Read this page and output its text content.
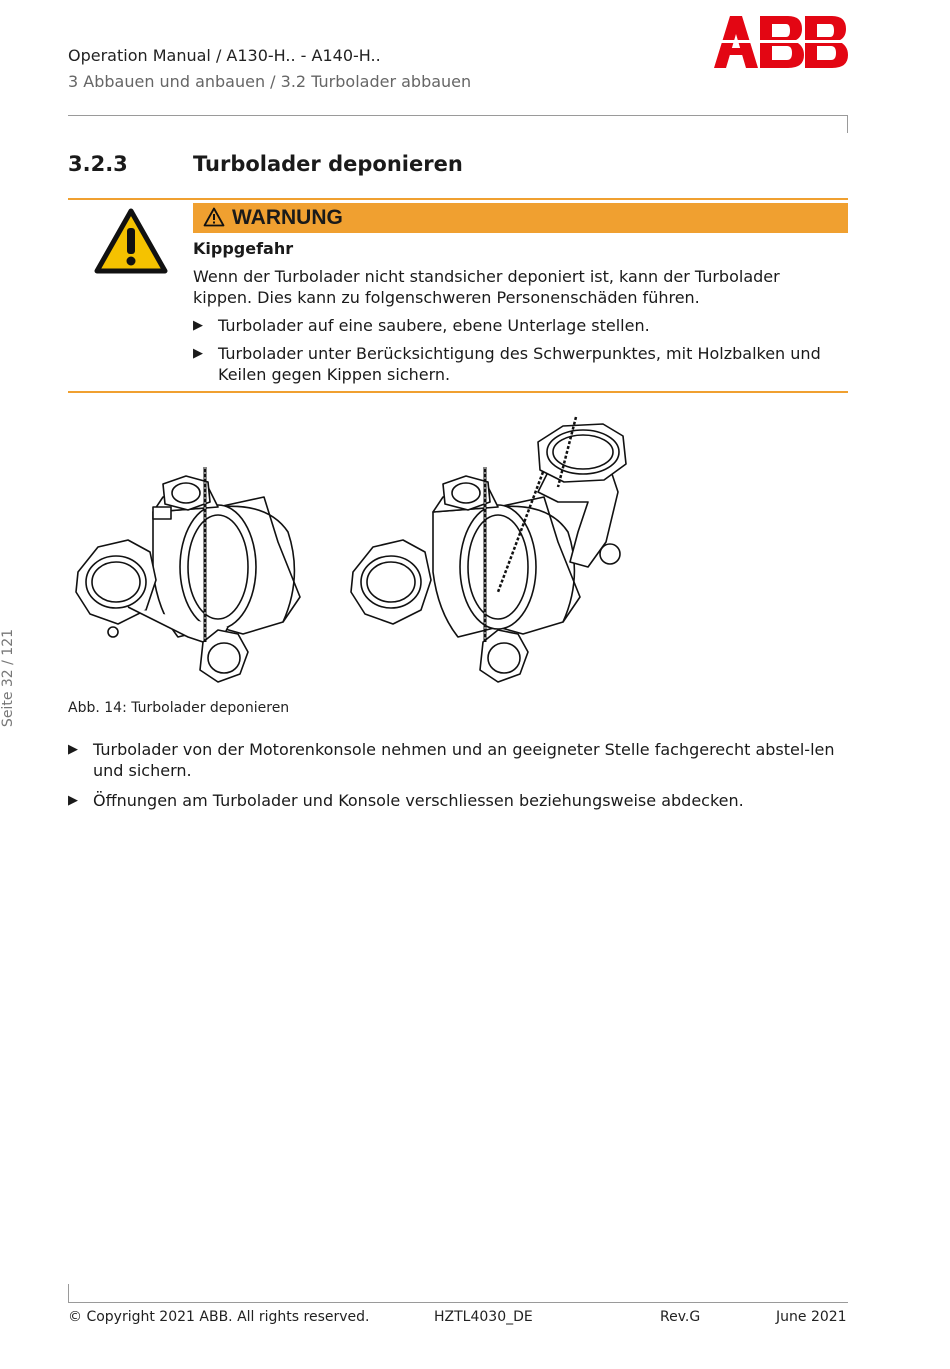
Operation Manual / A130-H.. - A140-H..
3 Abbauen und anbauen / 3.2 Turbolader abbauen
3.2.3	Turbolader deponieren
WARNUNG
Kippgefahr
Wenn der Turbolader nicht standsicher deponiert ist, kann der Turbolader kippen. Dies kann zu folgenschweren Personenschäden führen.
▶ Turbolader auf eine saubere, ebene Unterlage stellen.
▶ Turbolader unter Berücksichtigung des Schwerpunktes, mit Holzbalken und Keilen gegen Kippen sichern.
Abb. 14: Turbolader deponieren
▶ Turbolader von der Motorenkonsole nehmen und an geeigneter Stelle fachgerecht abstel-len und sichern.
▶ Öffnungen am Turbolader und Konsole verschliessen beziehungsweise abdecken.
Seite 32 / 121
© Copyright 2021 ABB. All rights reserved.	HZTL4030_DE	Rev.G	June 2021
